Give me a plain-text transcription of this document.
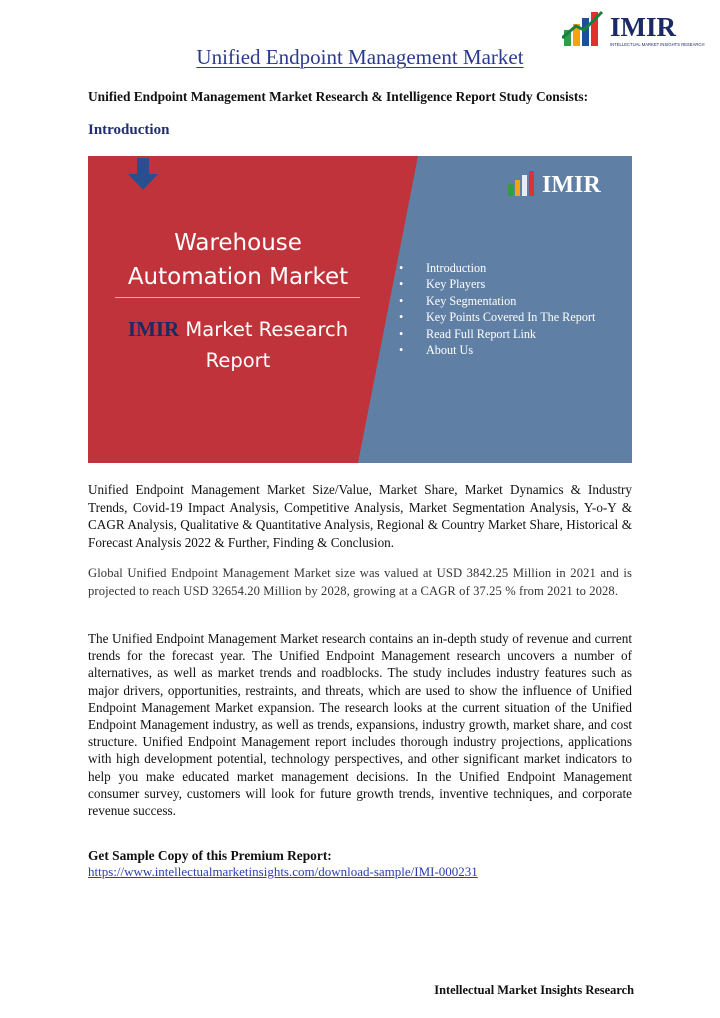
IMIR
INTELLECTUAL MARKET INSIGHTS RESEARCH
Unified Endpoint Management Market
Unified Endpoint Management Market Research & Intelligence Report Study Consists:
Introduction
IMIR
Warehouse
Automation Market
IMIR Market Research
Report
• Introduction
• Key Players
• Key Segmentation
• Key Points Covered In The Report
• Read Full Report Link
• About Us
Unified Endpoint Management Market Size/Value, Market Share, Market Dynamics & Industry Trends, Covid-19 Impact Analysis, Competitive Analysis, Market Segmentation Analysis, Y-o-Y & CAGR Analysis, Qualitative & Quantitative Analysis, Regional & Country Market Share, Historical & Forecast Analysis 2022 & Further, Finding & Conclusion.
Global Unified Endpoint Management Market size was valued at USD 3842.25 Million in 2021 and is projected to reach USD 32654.20 Million by 2028, growing at a CAGR of 37.25 % from 2021 to 2028.
The Unified Endpoint Management Market research contains an in-depth study of revenue and current trends for the forecast year. The Unified Endpoint Management research uncovers a number of alternatives, as well as market trends and roadblocks. The study includes industry features such as major drivers, opportunities, restraints, and threats, which are used to show the influence of Unified Endpoint Management Market expansion. The research looks at the current situation of the Unified Endpoint Management industry, as well as trends, expansions, industry growth, market share, and cost structure. Unified Endpoint Management report includes thorough industry projections, applications with high development potential, technology perspectives, and other significant market indicators to help you make educated market management decisions. In the Unified Endpoint Management consumer survey, customers will look for future growth trends, inventive techniques, and corporate revenue success.
Get Sample Copy of this Premium Report:
https://www.intellectualmarketinsights.com/download-sample/IMI-000231
Intellectual Market Insights Research
